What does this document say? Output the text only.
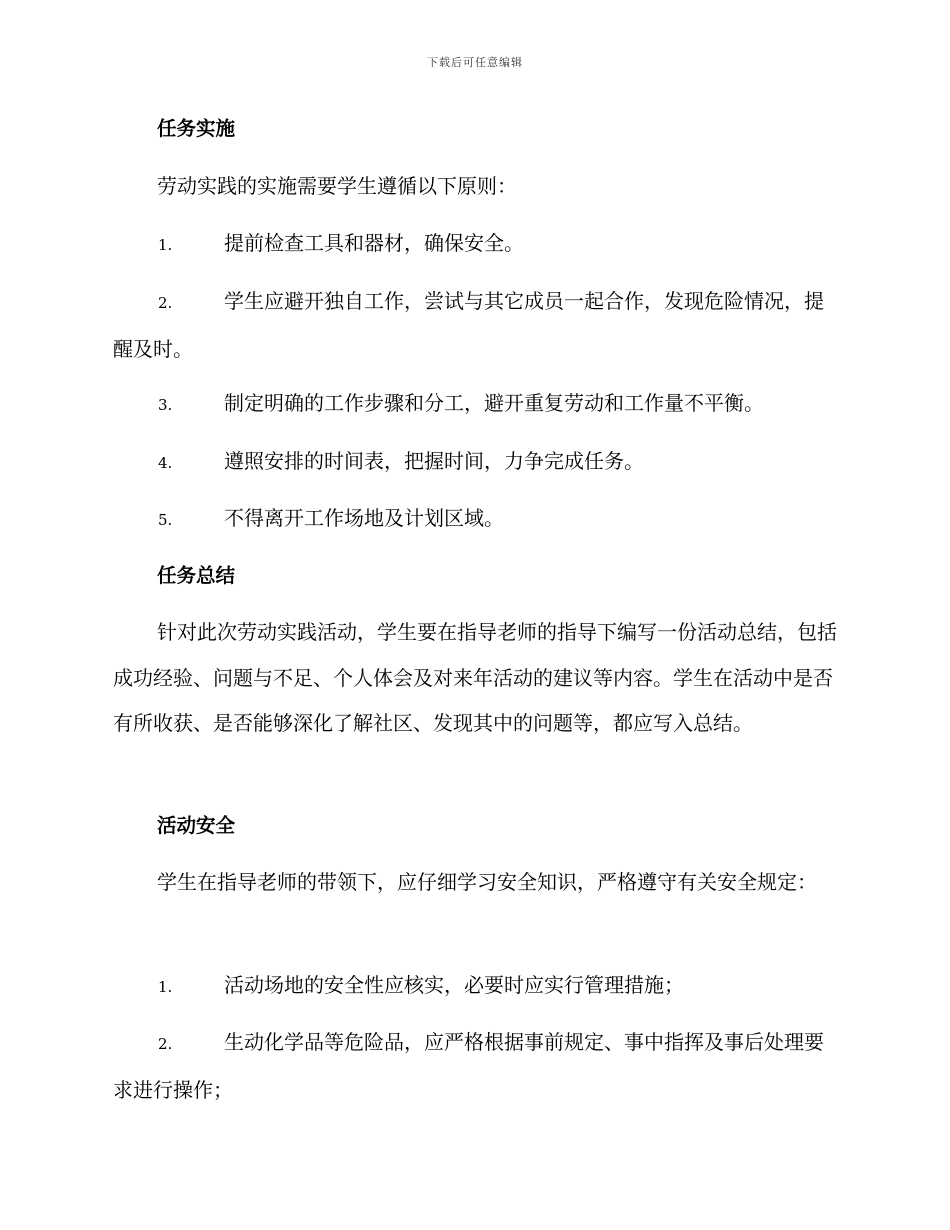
下载后可任意编辑
任务实施
劳动实践的实施需要学生遵循以下原则：
1.	提前检查工具和器材，确保安全。
2.	学生应避开独自工作，尝试与其它成员一起合作，发现危险情况，提醒及时。
3.	制定明确的工作步骤和分工，避开重复劳动和工作量不平衡。
4.	遵照安排的时间表，把握时间，力争完成任务。
5.	不得离开工作场地及计划区域。
任务总结
针对此次劳动实践活动，学生要在指导老师的指导下编写一份活动总结，包括成功经验、问题与不足、个人体会及对来年活动的建议等内容。学生在活动中是否有所收获、是否能够深化了解社区、发现其中的问题等，都应写入总结。
活动安全
学生在指导老师的带领下，应仔细学习安全知识，严格遵守有关安全规定：
1.	活动场地的安全性应核实，必要时应实行管理措施；
2.	生动化学品等危险品，应严格根据事前规定、事中指挥及事后处理要求进行操作；
